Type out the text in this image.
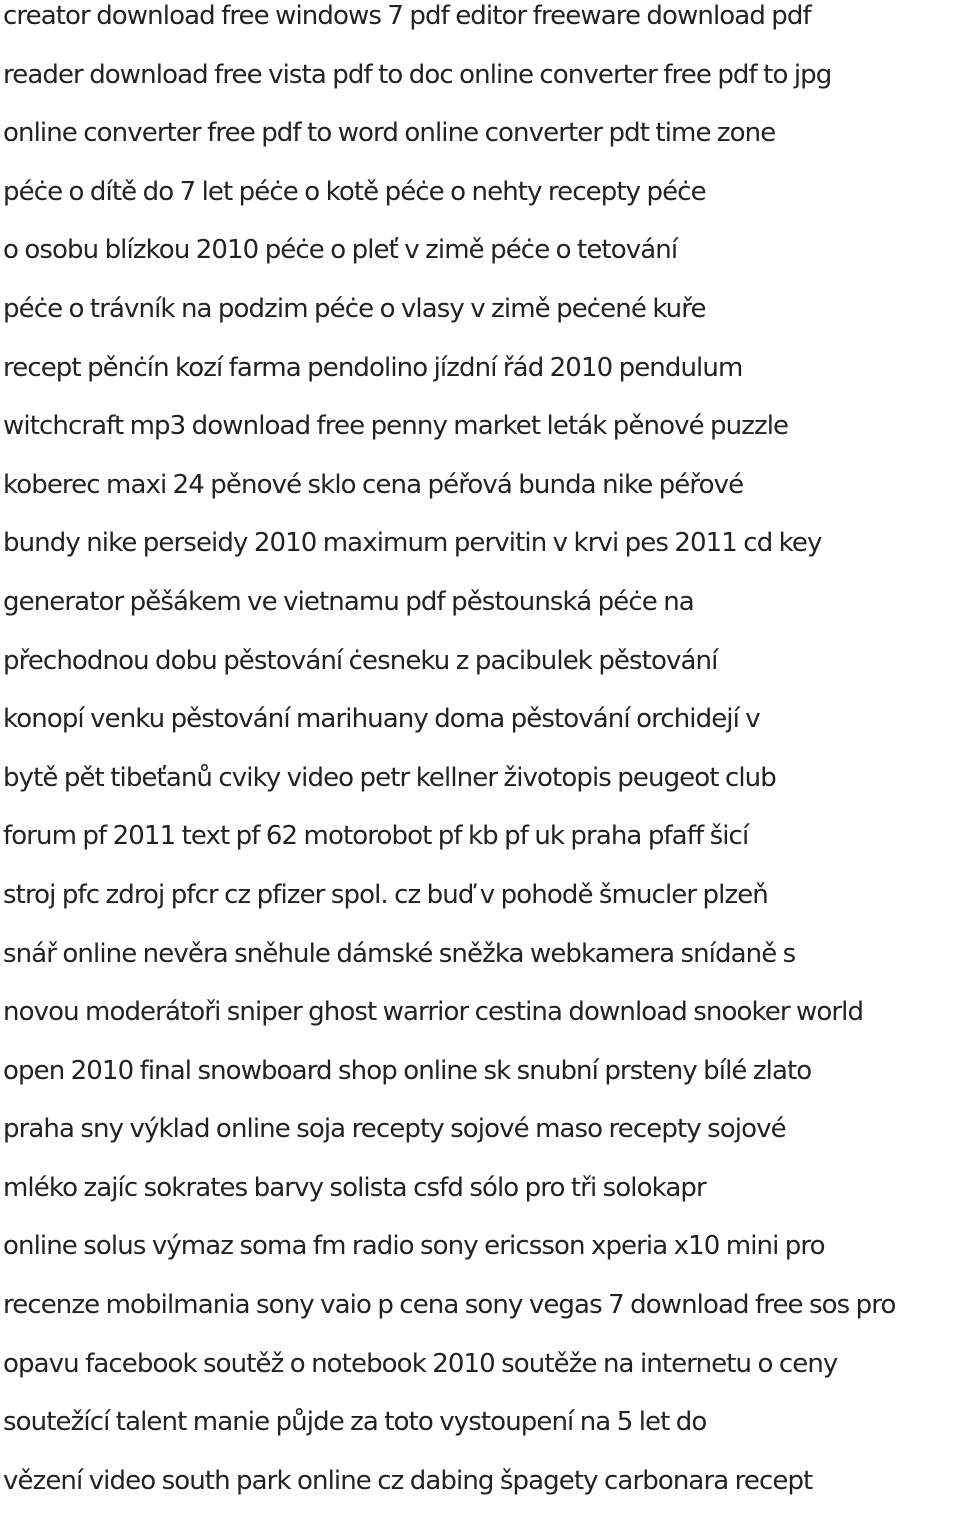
creator download free windows 7 pdf editor freeware download pdf
reader download free vista pdf to doc online converter free pdf to jpg
online converter free pdf to word online converter pdt time zone
péċe o dítě do 7 let péċe o kotě péċe o nehty recepty péċe
o osobu blízkou 2010 péċe o pleť v zimě péċe o tetování
péċe o trávník na podzim péċe o vlasy v zimě peċené kuře
recept pěnċín kozí farma pendolino jízdní řád 2010 pendulum
witchcraft mp3 download free penny market leták pěnové puzzle
koberec maxi 24 pěnové sklo cena péřová bunda nike péřové
bundy nike perseidy 2010 maximum pervitin v krvi pes 2011 cd key
generator pěšákem ve vietnamu pdf pěstounská péċe na
přechodnou dobu pěstování ċesneku z pacibulek pěstování
konopí venku pěstování marihuany doma pěstování orchidejí v
bytě pět tibeťanů cviky video petr kellner životopis peugeot club
forum pf 2011 text pf 62 motorobot pf kb pf uk praha pfaff šicí
stroj pfc zdroj pfcr cz pfizer spol. cz buď v pohodě šmucler plzeň
snář online nevěra sněhule dámské sněžka webkamera snídaně s
novou moderátoři sniper ghost warrior cestina download snooker world
open 2010 final snowboard shop online sk snubní prsteny bílé zlato
praha sny výklad online soja recepty sojové maso recepty sojové
mléko zajíc sokrates barvy solista csfd sólo pro tři solokapr
online solus výmaz soma fm radio sony ericsson xperia x10 mini pro
recenze mobilmania sony vaio p cena sony vegas 7 download free sos pro
opavu facebook soutěž o notebook 2010 soutěže na internetu o ceny
soutežící talent manie půjde za toto vystoupení na 5 let do
vězení video south park online cz dabing špagety carbonara recept
